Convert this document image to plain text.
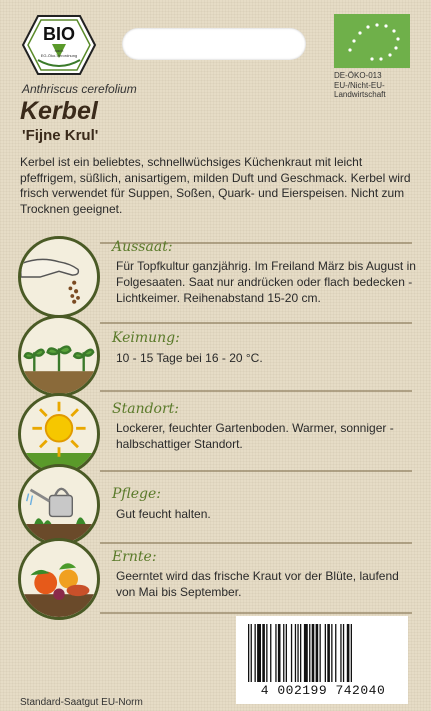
BIO
nach
EG-Öko-Verordnung
DE-ÖKO-013
EU-/Nicht-EU-
Landwirtschaft
Anthriscus cerefolium
Kerbel
'Fijne Krul'
Kerbel ist ein beliebtes, schnellwüchsiges Küchenkraut mit leicht pfeffrigem, süßlich, anisartigem, milden Duft und Geschmack. Kerbel wird frisch verwendet für Suppen, Soßen, Quark- und Eierspeisen. Nicht zum Trocknen geeignet.
Aussaat:
Für Topfkultur ganzjährig. Im Freiland März bis August in Folgesaaten. Saat nur andrücken oder flach bedecken - Lichtkeimer. Reihenabstand 15-20 cm.
Keimung:
10 - 15 Tage bei 16 - 20 °C.
Standort:
Lockerer, feuchter Gartenboden. Warmer, sonniger - halbschattiger Standort.
Pflege:
Gut feucht halten.
Ernte:
Geerntet wird das frische Kraut vor der Blüte, laufend von Mai bis September.
4 002199 742040
Standard-Saatgut EU-Norm
